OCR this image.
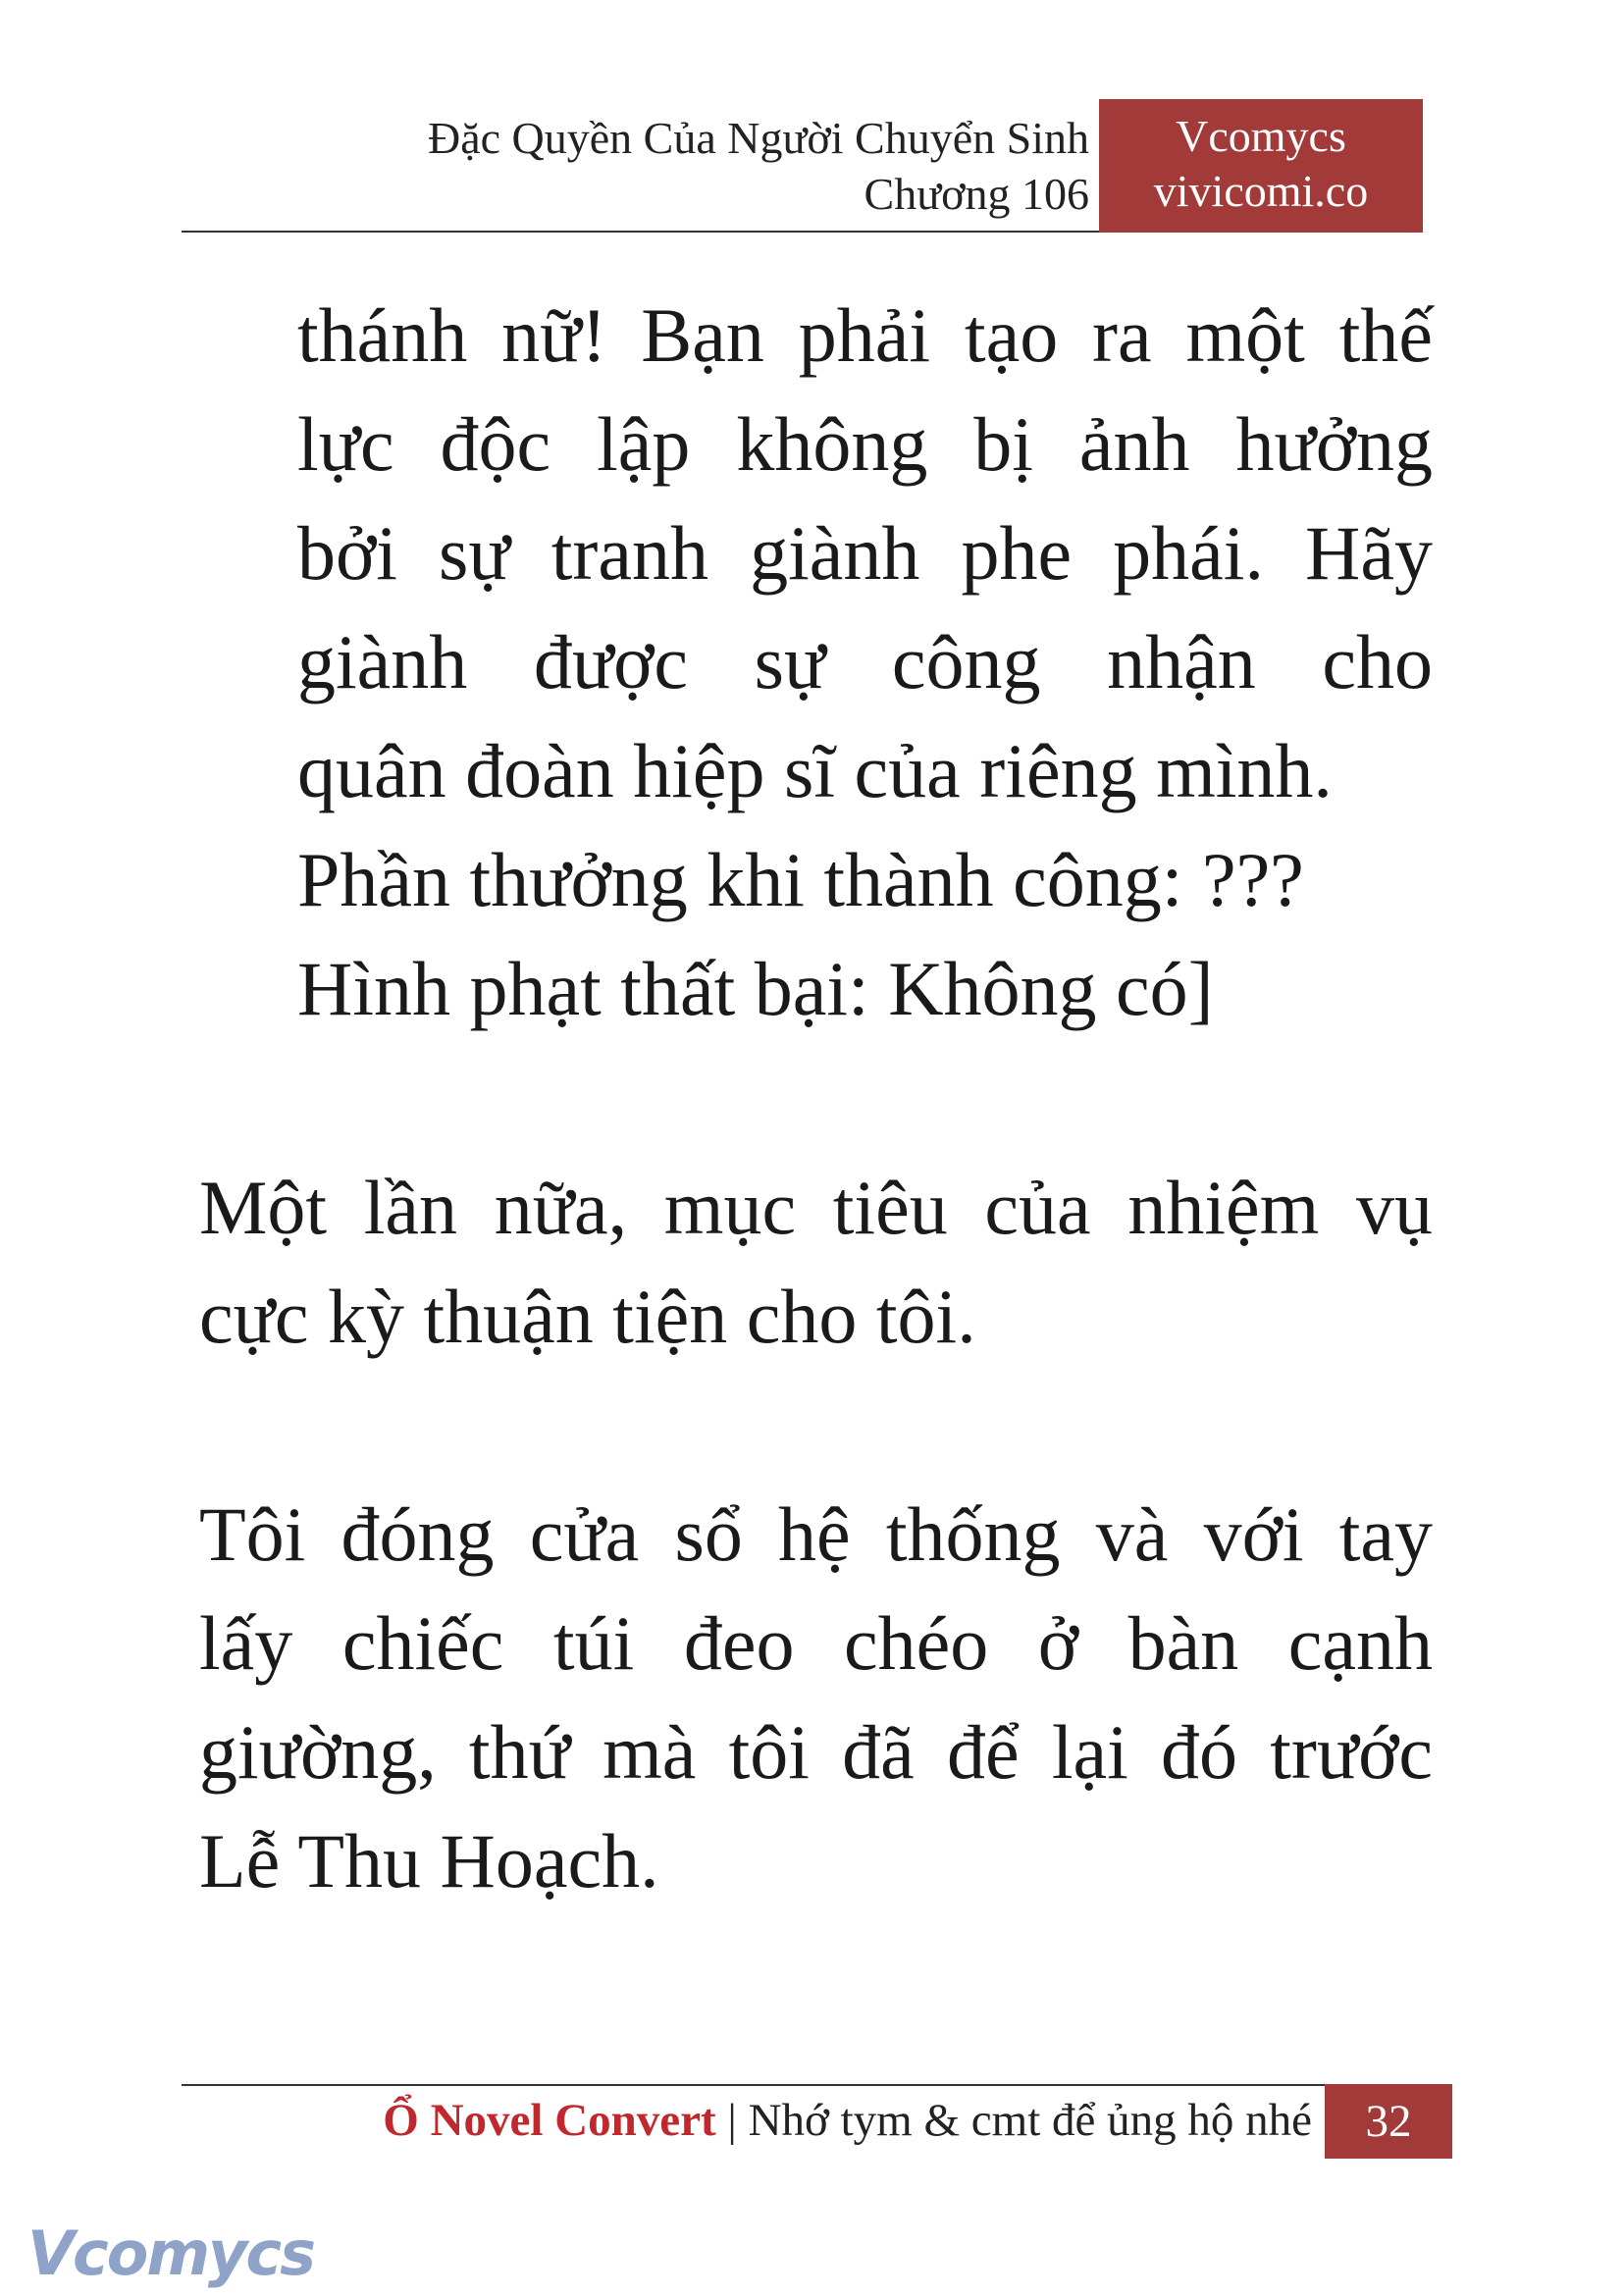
Đặc Quyền Của Người Chuyển Sinh
Chương 106
Vcomycs
vivicomi.co
thánh nữ! Bạn phải tạo ra một thế
lực độc lập không bị ảnh hưởng
bởi sự tranh giành phe phái. Hãy
giành được sự công nhận cho
quân đoàn hiệp sĩ của riêng mình.
Phần thưởng khi thành công: ???
Hình phạt thất bại: Không có]
Một lần nữa, mục tiêu của nhiệm vụ
cực kỳ thuận tiện cho tôi.
Tôi đóng cửa sổ hệ thống và với tay
lấy chiếc túi đeo chéo ở bàn cạnh
giường, thứ mà tôi đã để lại đó trước
Lễ Thu Hoạch.
Ổ Novel Convert | Nhớ tym & cmt để ủng hộ nhé	32
Vcomycs
